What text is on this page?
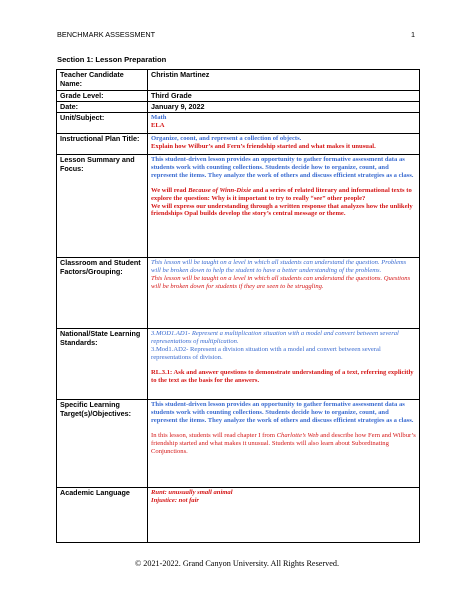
BENCHMARK ASSESSMENT	1
Section 1: Lesson Preparation
Teacher Candidate Name:	Christin Martinez
Grade Level:	Third Grade
Date:	January 9, 2022
Unit/Subject:	Math
ELA

Instructional Plan Title:	Organize, coont, and represent a collection of objects.
Explain how Wilbur’s and Fern’s friendship started and what makes it unusual.

Lesson Summary and Focus:	This student-driven lesson provides an opportunity to gather formative assessment data as students work with counting collections. Students decide how to organize, count, and represent the items. They analyze the work of others and discuss efficient strategies as a class.
We will read Because of Winn-Dixie and a series of related literary and informational texts to explore the question: Why is it important to try to really “see” other people?
We will express our understanding through a written response that analyzes how the unlikely friendships Opal builds develop the story’s central message or theme.

Classroom and Student Factors/Grouping:	This lesson will be taught on a level in which all students can understand the question. Problems will be broken down to help the student to have a better understanding of the problems.
This lesson will be taught on a level in which all students can understand the questions. Questions will be broken down for students if they are seen to be struggling.

National/State Learning Standards:	3.MOD1.AD1- Represent a multiplication situation with a model and convert between several representations of multiplication.
3.Mod1.AD2- Represent a division situation with a model and convert between several representations of division.
RL.3.1: Ask and answer questions to demonstrate understanding of a text, referring explicitly to the text as the basis for the answers.

Specific Learning Target(s)/Objectives:	This student-driven lesson provides an opportunity to gather formative assessment data as students work with counting collections. Students decide how to organize, count, and represent the items. They analyze the work of others and discuss efficient strategies as a class.
In this lesson, students will read chapter I from Charlotte’s Web and describe how Fern and Wilbur’s friendship started and what makes it unusual. Students will also learn about Subordinating Conjunctions.

Academic Language	Runt: unusually small animal
Injustice: not fair
© 2021-2022. Grand Canyon University. All Rights Reserved.
